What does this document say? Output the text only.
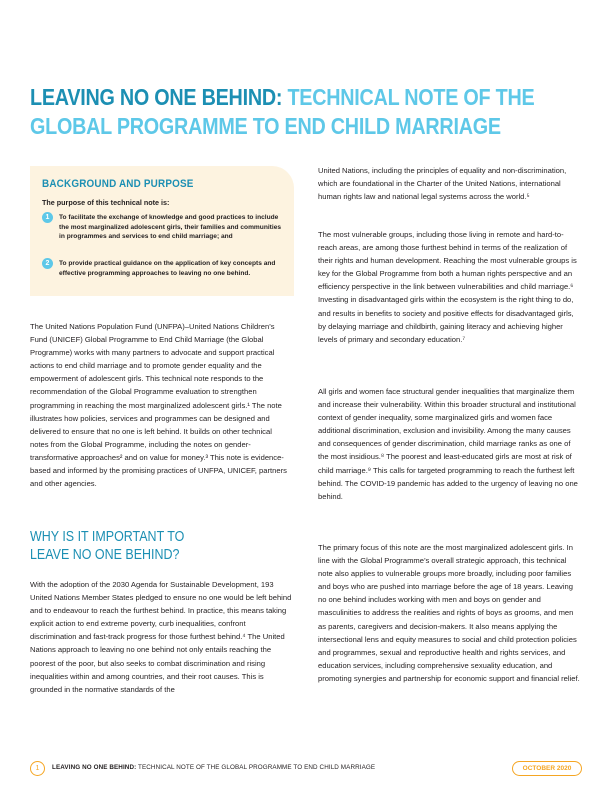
LEAVING NO ONE BEHIND: TECHNICAL NOTE OF THE
GLOBAL PROGRAMME TO END CHILD MARRIAGE
BACKGROUND AND PURPOSE
The purpose of this technical note is:
1	To facilitate the exchange of knowledge and good practices to include the most marginalized adolescent girls, their families and communities in programmes and services to end child marriage; and
2	To provide practical guidance on the application of key concepts and effective programming approaches to leaving no one behind.

The United Nations Population Fund (UNFPA)–United Nations Children’s Fund (UNICEF) Global Programme to End Child Marriage (the Global Programme) works with many partners to advocate and support practical actions to end child marriage and to promote gender equality and the empowerment of adolescent girls. This technical note responds to the recommendation of the Global Programme evaluation to strengthen programming in reaching the most marginalized adolescent girls.¹ The note illustrates how policies, services and programmes can be designed and delivered to ensure that no one is left behind. It builds on other technical notes from the Global Programme, including the notes on gender-transformative approaches² and on value for money.³ This note is evidence-based and informed by the promising practices of UNFPA, UNICEF, partners and other agencies.

WHY IS IT IMPORTANT TO
LEAVE NO ONE BEHIND?

With the adoption of the 2030 Agenda for Sustainable Development, 193 United Nations Member States pledged to ensure no one would be left behind and to endeavour to reach the furthest behind. In practice, this means taking explicit action to end extreme poverty, curb inequalities, confront discrimination and fast-track progress for those furthest behind.⁴ The United Nations approach to leaving no one behind not only entails reaching the poorest of the poor, but also seeks to combat discrimination and rising inequalities within and among countries, and their root causes. This is grounded in the normative standards of the

United Nations, including the principles of equality and non-discrimination, which are foundational in the Charter of the United Nations, international human rights law and national legal systems across the world.⁵

The most vulnerable groups, including those living in remote and hard-to-reach areas, are among those furthest behind in terms of the realization of their rights and human development. Reaching the most vulnerable groups is key for the Global Programme from both a human rights perspective and an efficiency perspective in the link between vulnerabilities and child marriage.⁶ Investing in disadvantaged girls within the ecosystem is the right thing to do, and results in benefits to society and positive effects for disadvantaged girls, by delaying marriage and childbirth, gaining literacy and achieving higher levels of primary and secondary education.⁷

All girls and women face structural gender inequalities that marginalize them and increase their vulnerability. Within this broader structural and institutional context of gender inequality, some marginalized girls and women face additional discrimination, exclusion and invisibility. Among the many causes and consequences of gender discrimination, child marriage ranks as one of the most insidious.⁸ The poorest and least-educated girls are most at risk of child marriage.⁹ This calls for targeted programming to reach the furthest left behind. The COVID-19 pandemic has added to the urgency of leaving no one behind.

The primary focus of this note are the most marginalized adolescent girls. In line with the Global Programme’s overall strategic approach, this technical note also applies to vulnerable groups more broadly, including poor families and boys who are pushed into marriage before the age of 18 years. Leaving no one behind includes working with men and boys on gender and masculinities to address the realities and rights of boys as grooms, and men as parents, caregivers and decision-makers. It also means applying the intersectional lens and equity measures to social and child protection policies and programmes, sexual and reproductive health and rights services, and education services, including comprehensive sexuality education, and promoting synergies and partnership for economic support and financial relief.

1	LEAVING NO ONE BEHIND: TECHNICAL NOTE OF THE GLOBAL PROGRAMME TO END CHILD MARRIAGE	OCTOBER 2020
